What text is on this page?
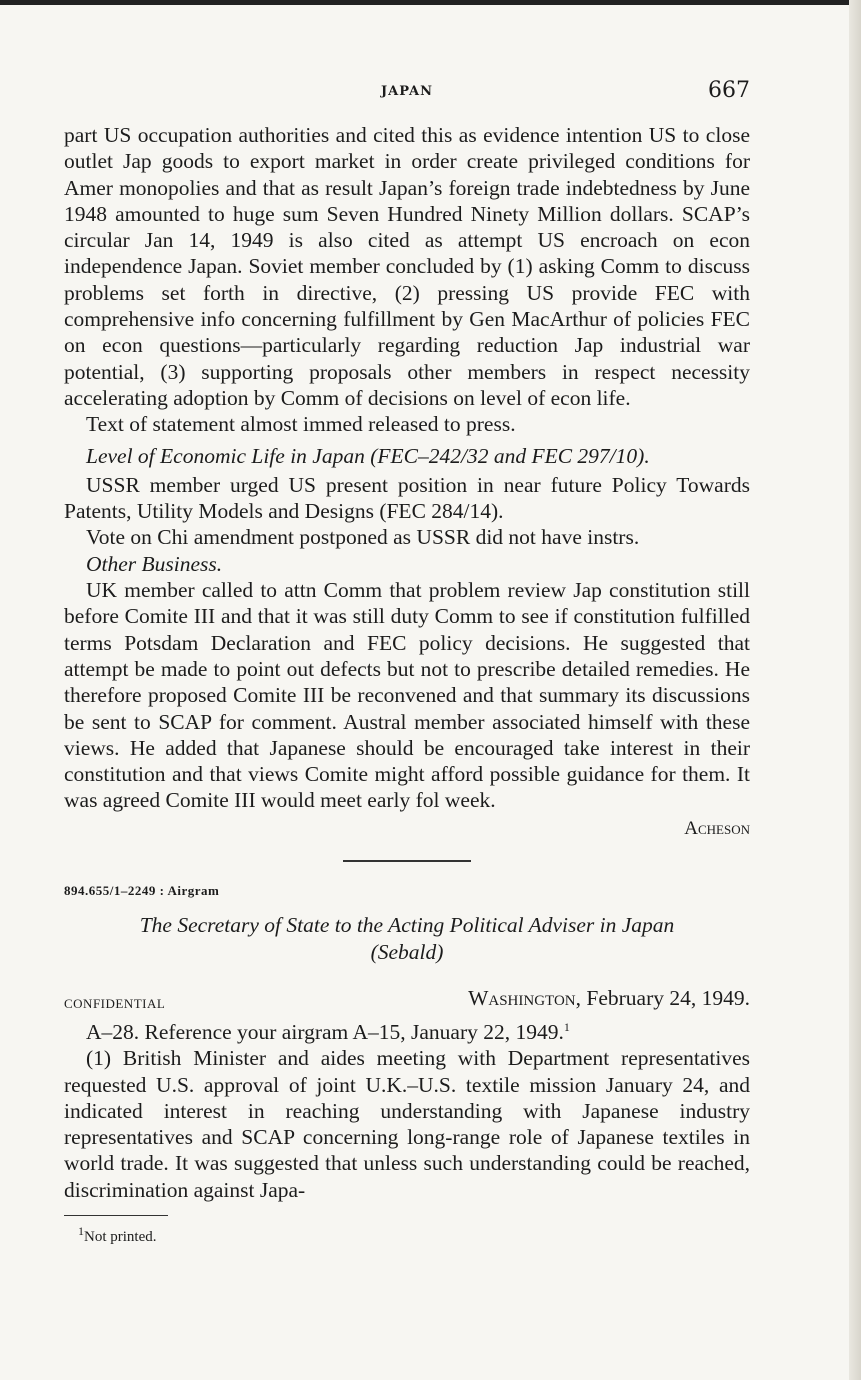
JAPAN	667

part US occupation authorities and cited this as evidence intention US to close outlet Jap goods to export market in order create privileged conditions for Amer monopolies and that as result Japan’s foreign trade indebtedness by June 1948 amounted to huge sum Seven Hundred Ninety Million dollars. SCAP’s circular Jan 14, 1949 is also cited as attempt US encroach on econ independence Japan. Soviet member concluded by (1) asking Comm to discuss problems set forth in directive, (2) pressing US provide FEC with comprehensive info concerning fulfillment by Gen MacArthur of policies FEC on econ questions—particularly regarding reduction Jap industrial war potential, (3) supporting proposals other members in respect necessity accelerating adoption by Comm of decisions on level of econ life.

Text of statement almost immed released to press.

Level of Economic Life in Japan (FEC–242/32 and FEC 297/10).

USSR member urged US present position in near future Policy Towards Patents, Utility Models and Designs (FEC 284/14).

Vote on Chi amendment postponed as USSR did not have instrs.

Other Business.

UK member called to attn Comm that problem review Jap constitution still before Comite III and that it was still duty Comm to see if constitution fulfilled terms Potsdam Declaration and FEC policy decisions. He suggested that attempt be made to point out defects but not to prescribe detailed remedies. He therefore proposed Comite III be reconvened and that summary its discussions be sent to SCAP for comment. Austral member associated himself with these views. He added that Japanese should be encouraged take interest in their constitution and that views Comite might afford possible guidance for them. It was agreed Comite III would meet early fol week.

Acheson

894.655/1–2249 : Airgram

The Secretary of State to the Acting Political Adviser in Japan
(Sebald)
CONFIDENTIAL	Washington, February 24, 1949.

A–28. Reference your airgram A–15, January 22, 1949.$^1$

(1) British Minister and aides meeting with Department representatives requested U.S. approval of joint U.K.–U.S. textile mission January 24, and indicated interest in reaching understanding with Japanese industry representatives and SCAP concerning long-range role of Japanese textiles in world trade. It was suggested that unless such understanding could be reached, discrimination against Japa-

$^1$Not printed.
